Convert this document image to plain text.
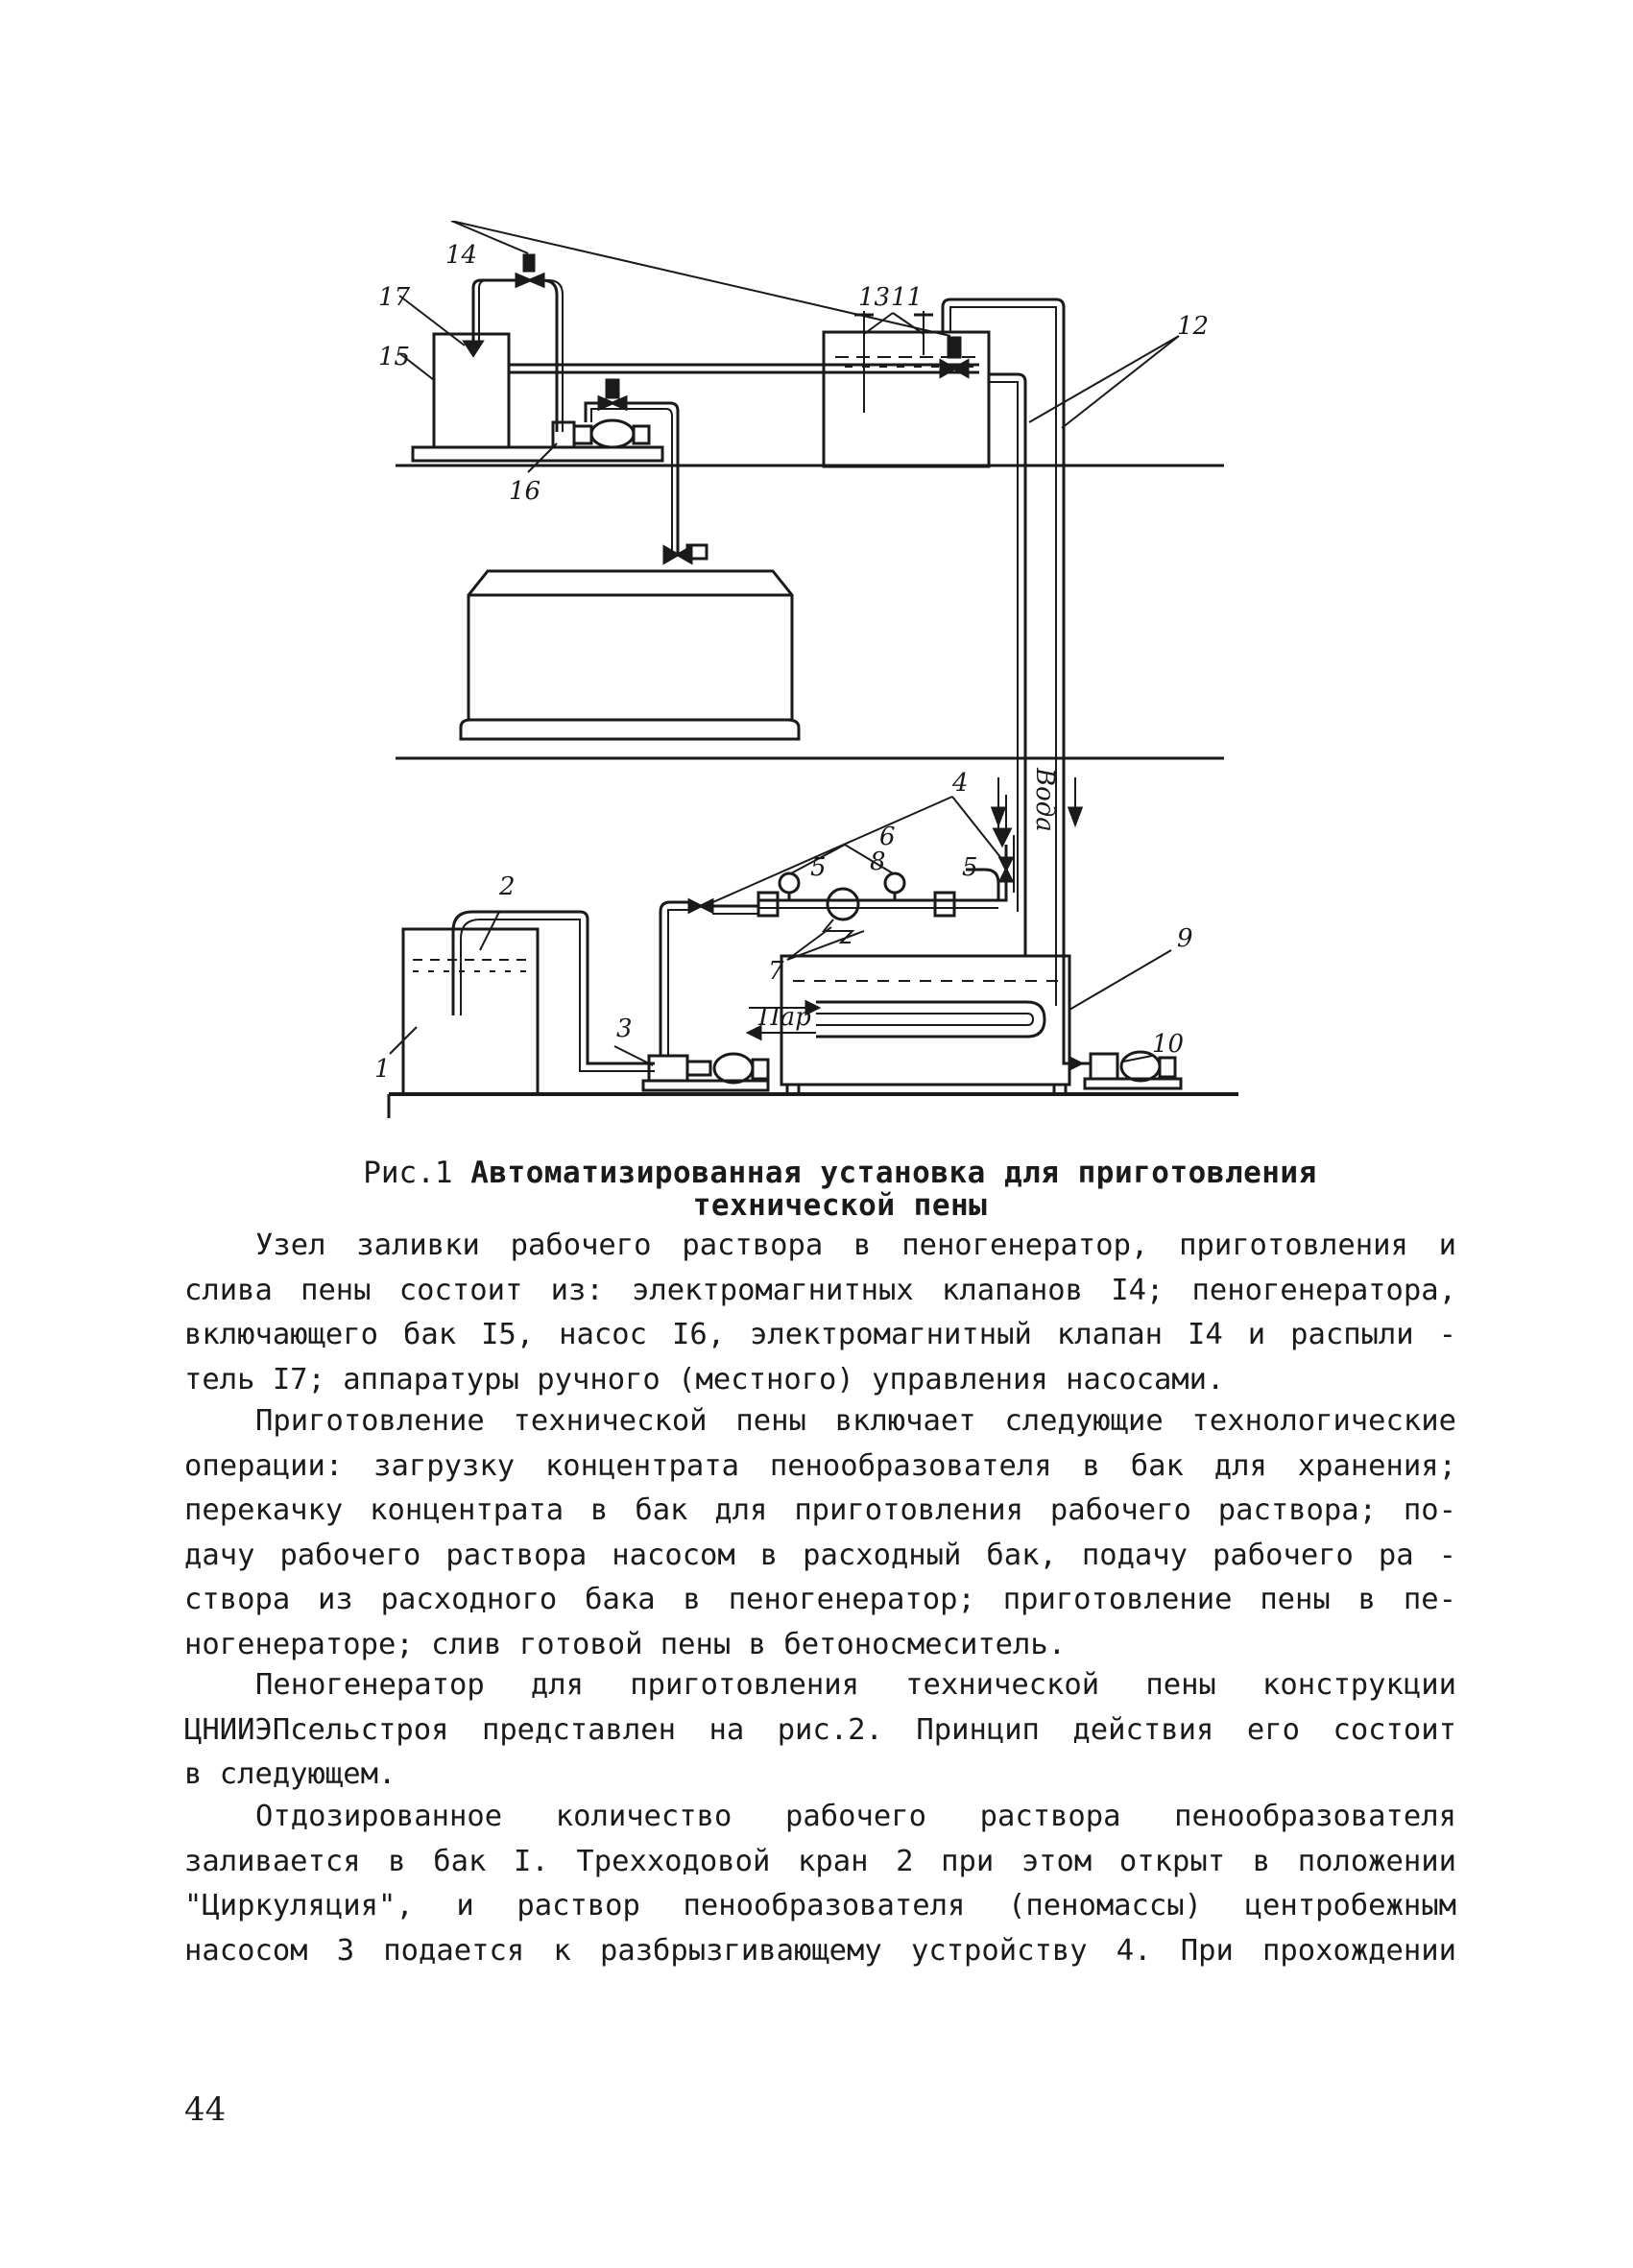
14
17
15
16
13 11
12
4
6
5	5
8
7
9
2
3
1
10
Пар
Вода
Рис.1 Автоматизированная установка для приготовления
технической пены
Узел заливки рабочего раствора в пеногенератор, приготовления и
слива пены состоит из: электромагнитных клапанов I4; пеногенератора,
включающего бак I5, насос I6, электромагнитный клапан I4 и распыли -
тель I7; аппаратуры ручного (местного) управления насосами.
Приготовление технической пены включает следующие технологические
операции: загрузку концентрата пенообразователя в бак для хранения;
перекачку концентрата в бак для приготовления рабочего раствора; по-
дачу рабочего раствора насосом в расходный бак, подачу рабочего ра -
створа из расходного бака в пеногенератор; приготовление пены в пе-
ногенераторе; слив готовой пены в бетоносмеситель.
Пеногенератор для приготовления технической пены конструкции
ЦНИИЭПсельстроя представлен на рис.2. Принцип действия его состоит
в следующем.
Отдозированное количество рабочего раствора пенообразователя
заливается в бак I. Трехходовой кран 2 при этом открыт в положении
"Циркуляция", и раствор пенообразователя (пеномассы) центробежным
насосом 3 подается к разбрызгивающему устройству 4. При прохождении
44
